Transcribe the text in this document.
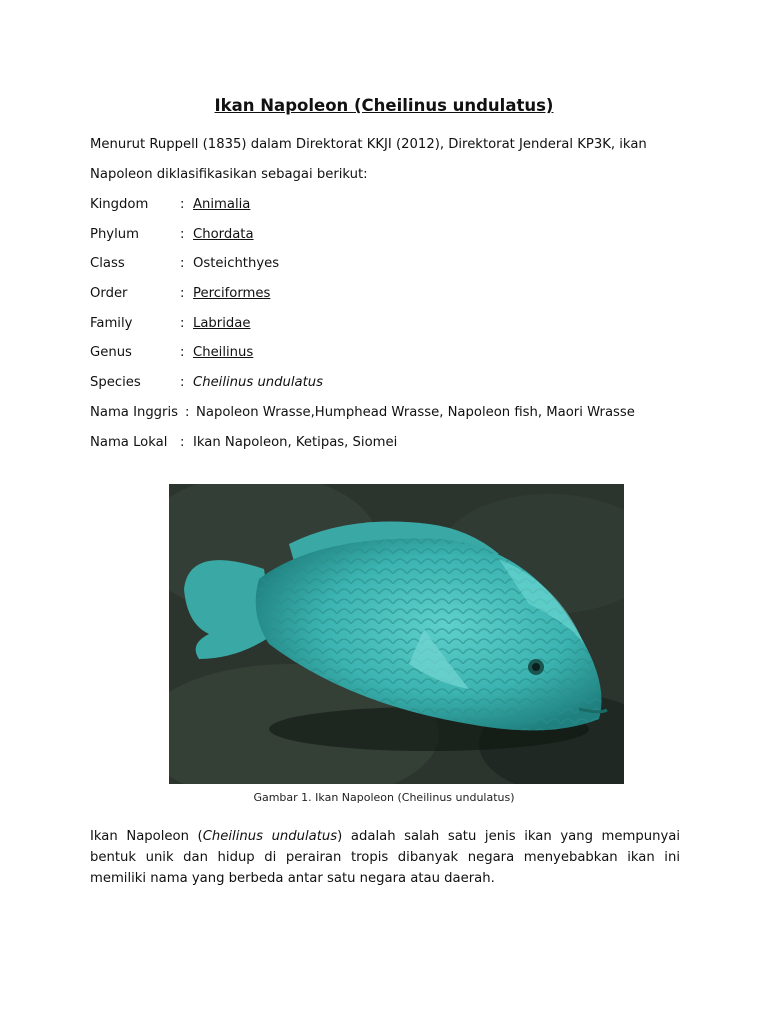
Ikan Napoleon (Cheilinus undulatus)
Menurut Ruppell (1835) dalam Direktorat KKJI (2012), Direktorat Jenderal KP3K, ikan
Napoleon diklasifikasikan sebagai berikut:
Kingdom : Animalia
Phylum	: Chordata
Class	: Osteichthyes
Order	: Perciformes
Family	: Labridae
Genus	: Cheilinus
Species	: Cheilinus undulatus
Nama Inggris : Napoleon Wrasse,Humphead Wrasse, Napoleon fish, Maori Wrasse
Nama Lokal : Ikan Napoleon, Ketipas, Siomei
Gambar 1. Ikan Napoleon (Cheilinus undulatus)
Ikan Napoleon (Cheilinus undulatus) adalah salah satu jenis ikan yang mempunyai bentuk unik dan hidup di perairan tropis dibanyak negara menyebabkan ikan ini memiliki nama yang berbeda antar satu negara atau daerah.
